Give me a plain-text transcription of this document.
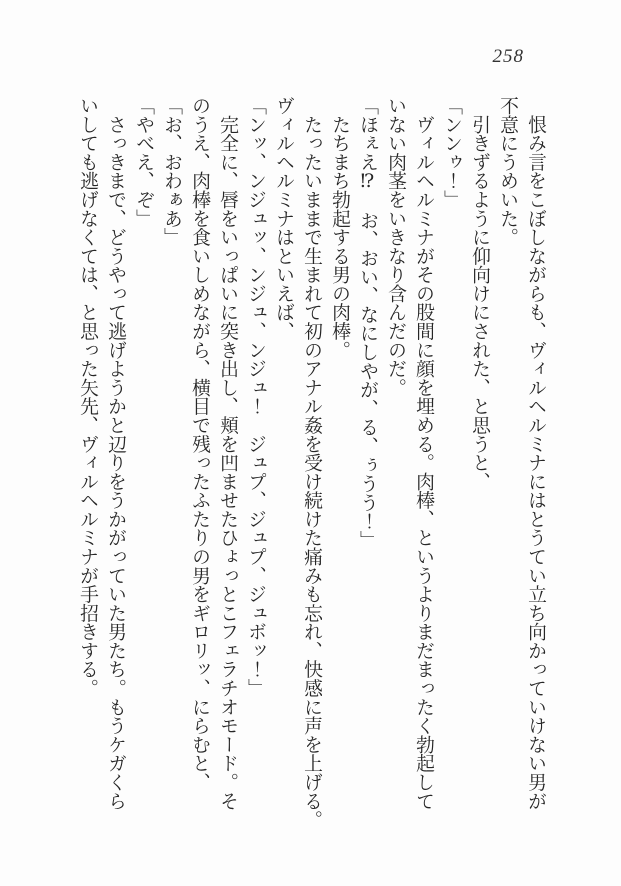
258

　恨み言をこぼしながらも、ヴィルヘルミナにはとうてい立ち向かっていけない男が

不意にうめいた。

　引きずるように仰向けにされた、と思うと、

「ンンゥ！」

　ヴィルヘルミナがその股間に顔を埋める。肉棒、というよりまだまったく勃起して

いない肉茎をいきなり含んだのだ。

「ほぇえ⁉　お、おい、なにしやが、る、ぅうう！」

　たちまち勃起する男の肉棒。

　たったいままで生まれて初のアナル姦を受け続けた痛みも忘れ、快感に声を上げる。

ヴィルヘルミナはといえば、

「ンッ、ンジュッ、ンジュ、ンジュ！　ジュプ、ジュプ、ジュボッ！」

　完全に、唇をいっぱいに突き出し、頬を凹ませたひょっとこフェラチオモード。そ

のうえ、肉棒を食いしめながら、横目で残ったふたりの男をギロリッ、にらむと、

「お、おわぁあ」

「やべえ、ぞ」

　さっきまで、どうやって逃げようかと辺りをうかがっていた男たち。もうケガくら

いしても逃げなくては、と思った矢先、ヴィルヘルミナが手招きする。
